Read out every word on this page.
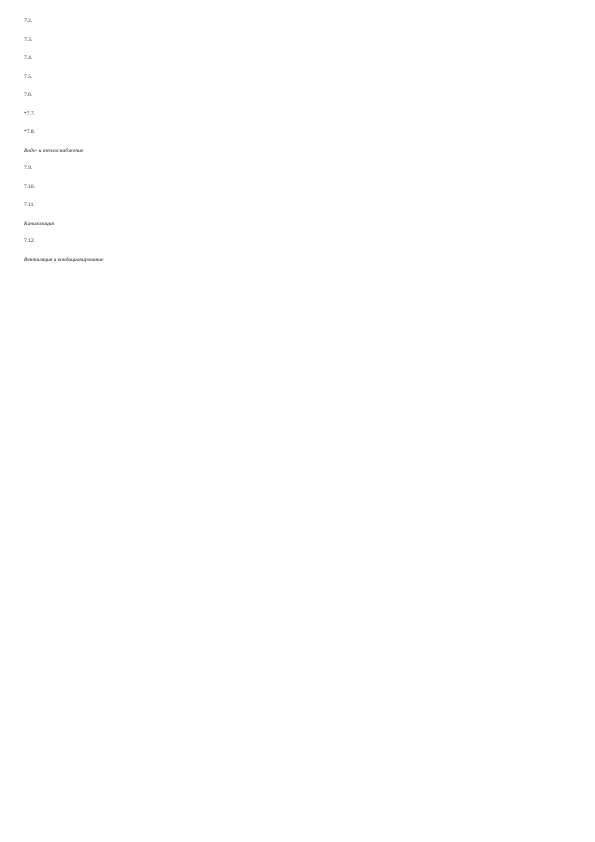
7.2.

7.3.

7.4.

7.5.

7.6.

*7.7.

*7.8.

Водо- и теплоснабжение

7.9.

7.10.

7.11.

Канализация

7.12.

Вентиляция и кондиционирование
